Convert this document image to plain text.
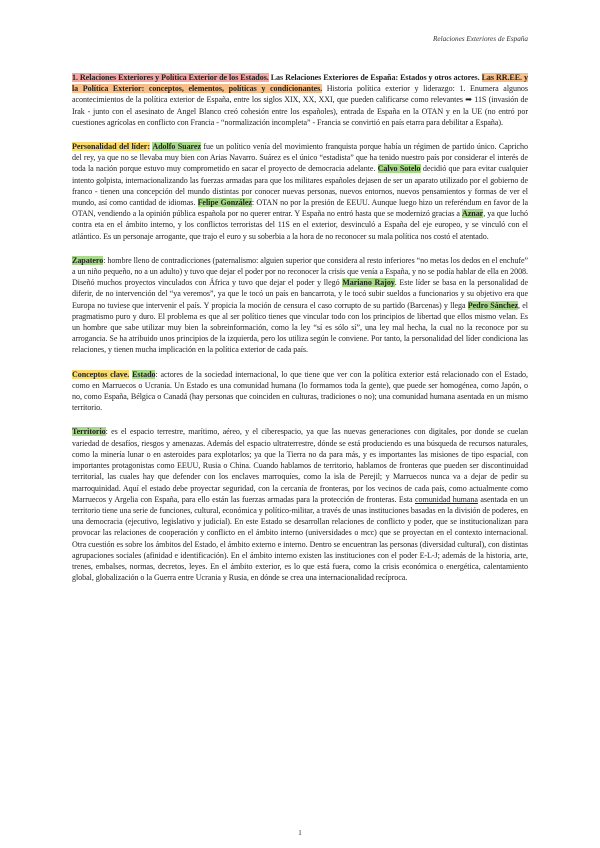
Relaciones Exteriores de España

1. Relaciones Exteriores y Política Exterior de los Estados. Las Relaciones Exteriores de España: Estados y otros actores. Las RR.EE. y la Política Exterior: conceptos, elementos, políticas y condicionantes. Historia política exterior y liderazgo: 1. Enumera algunos acontecimientos de la política exterior de España, entre los siglos XIX, XX, XXI, que pueden calificarse como relevantes ➡ 11S (invasión de Irak - junto con el asesinato de Angel Blanco creó cohesión entre los españoles), entrada de España en la OTAN y en la UE (no entró por cuestiones agrícolas en conflicto con Francia - “normalización incompleta” - Francia se convirtió en país etarra para debilitar a España).

Personalidad del líder: Adolfo Suarez fue un político venía del movimiento franquista porque había un régimen de partido único. Capricho del rey, ya que no se llevaba muy bien con Arias Navarro. Suárez es el único “estadista” que ha tenido nuestro país por considerar el interés de toda la nación porque estuvo muy comprometido en sacar el proyecto de democracia adelante. Calvo Sotelo decidió que para evitar cualquier intento golpista, internacionalizando las fuerzas armadas para que los militares españoles dejasen de ser un aparato utilizado por el gobierno de franco - tienen una concepción del mundo distintas por conocer nuevas personas, nuevos entornos, nuevos pensamientos y formas de ver el mundo, así como cantidad de idiomas. Felipe González: OTAN no por la presión de EEUU. Aunque luego hizo un referéndum en favor de la OTAN, vendiendo a la opinión pública española por no querer entrar. Y España no entró hasta que se modernizó gracias a Aznar, ya que luchó contra eta en el ámbito interno, y los conflictos terroristas del 11S en el exterior, desvinculó a España del eje europeo, y se vinculó con el atlántico. Es un personaje arrogante, que trajo el euro y su soberbia a la hora de no reconocer su mala política nos costó el atentado.

Zapatero: hombre lleno de contradicciones (paternalismo: alguien superior que considera al resto inferiores “no metas los dedos en el enchufe” a un niño pequeño, no a un adulto) y tuvo que dejar el poder por no reconocer la crisis que venía a España, y no se podía hablar de ella en 2008. Diseñó muchos proyectos vinculados con África y tuvo que dejar el poder y llegó Mariano Rajoy. Este líder se basa en la personalidad de diferir, de no intervención del “ya veremos”, ya que le tocó un país en bancarrota, y le tocó subir sueldos a funcionarios y su objetivo era que Europa no tuviese que intervenir el país. Y propicia la moción de censura el caso corrupto de su partido (Barcenas) y llega Pedro Sánchez, el pragmatismo puro y duro. El problema es que al ser político tienes que vincular todo con los principios de libertad que ellos mismo velan. Es un hombre que sabe utilizar muy bien la sobreinformación, como la ley “sí es sólo sí”, una ley mal hecha, la cual no la reconoce por su arrogancia. Se ha atribuido unos principios de la izquierda, pero los utiliza según le conviene. Por tanto, la personalidad del líder condiciona las relaciones, y tienen mucha implicación en la política exterior de cada país.

Conceptos clave. Estado: actores de la sociedad internacional, lo que tiene que ver con la política exterior está relacionado con el Estado, como en Marruecos o Ucrania. Un Estado es una comunidad humana (lo formamos toda la gente), que puede ser homogénea, como Japón, o no, como España, Bélgica o Canadá (hay personas que coinciden en culturas, tradiciones o no); una comunidad humana asentada en un mismo territorio.

Territorio: es el espacio terrestre, marítimo, aéreo, y el ciberespacio, ya que las nuevas generaciones con digitales, por donde se cuelan variedad de desafíos, riesgos y amenazas. Además del espacio ultraterrestre, dónde se está produciendo es una búsqueda de recursos naturales, como la minería lunar o en asteroides para explotarlos; ya que la Tierra no da para más, y es importantes las misiones de tipo espacial, con importantes protagonistas como EEUU, Rusia o China. Cuando hablamos de territorio, hablamos de fronteras que pueden ser discontinuidad territorial, las cuales hay que defender con los enclaves marroquíes, como la isla de Perejil; y Marruecos nunca va a dejar de pedir su marroquinidad. Aquí el estado debe proyectar seguridad, con la cercanía de fronteras, por los vecinos de cada país, como actualmente como Marruecos y Argelia con España, para ello están las fuerzas armadas para la protección de fronteras. Esta comunidad humana asentada en un territorio tiene una serie de funciones, cultural, económica y político-militar, a través de unas instituciones basadas en la división de poderes, en una democracia (ejecutivo, legislativo y judicial). En este Estado se desarrollan relaciones de conflicto y poder, que se institucionalizan para provocar las relaciones de cooperación y conflicto en el ámbito interno (universidades o mcc) que se proyectan en el contexto internacional. Otra cuestión es sobre los ámbitos del Estado, el ámbito externo e interno. Dentro se encuentran las personas (diversidad cultural), con distintas agrupaciones sociales (afinidad e identificación). En el ámbito interno existen las instituciones con el poder E-L-J; además de la historia, arte, trenes, embalses, normas, decretos, leyes. En el ámbito exterior, es lo que está fuera, como la crisis económica o energética, calentamiento global, globalización o la Guerra entre Ucrania y Rusia, en dónde se crea una internacionalidad recíproca.

1
